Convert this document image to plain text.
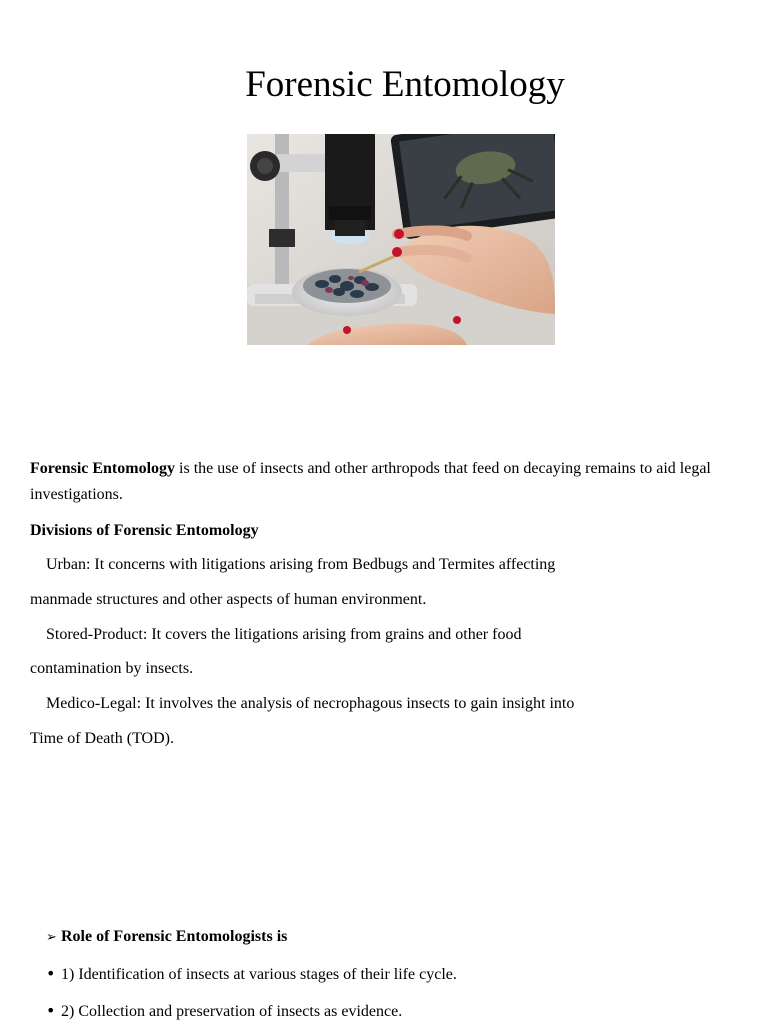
Forensic Entomology
Forensic Entomology is the use of insects and other arthropods that feed on decaying remains to aid legal investigations.
Divisions of Forensic Entomology
Urban: It concerns with litigations arising from Bedbugs and Termites affecting
manmade structures and other aspects of human environment.
Stored-Product: It covers the litigations arising from grains and other food
contamination by insects.
Medico-Legal: It involves the analysis of necrophagous insects to gain insight into
Time of Death (TOD).
➢ Role of Forensic Entomologists is
• 1) Identification of insects at various stages of their life cycle.
• 2) Collection and preservation of insects as evidence.
